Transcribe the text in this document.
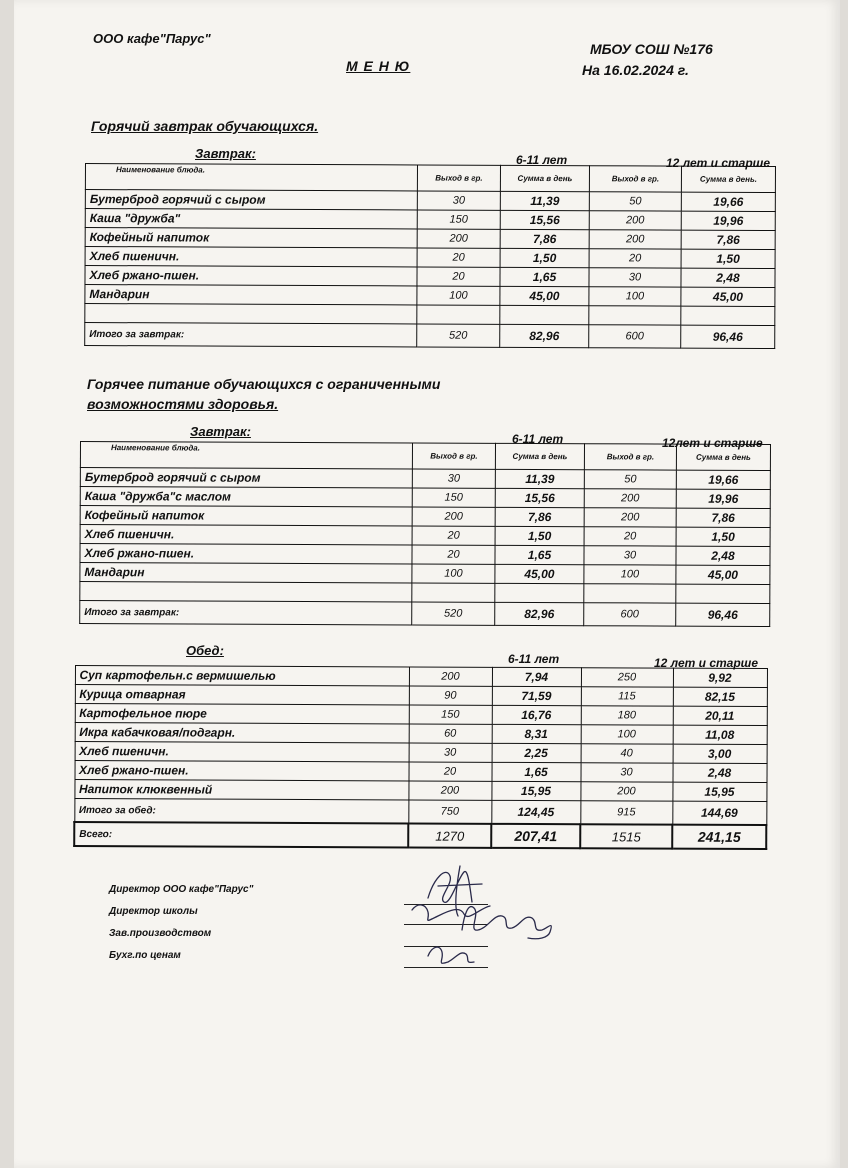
ООО кафе"Парус"
М Е Н Ю
МБОУ СОШ №176
На 16.02.2024 г.
Горячий завтрак обучающихся.
Завтрак:	6-11 лет	12 лет и старше
Наименование блюда.	Выход в гр.	Сумма в день	Выход в гр.	Сумма в день.
Бутерброд горячий с сыром	30	11,39	50	19,66
Каша "дружба"	150	15,56	200	19,96
Кофейный напиток	200	7,86	200	7,86
Хлеб пшеничн.	20	1,50	20	1,50
Хлеб ржано-пшен.	20	1,65	30	2,48
Мандарин	100	45,00	100	45,00

Итого за завтрак:	520	82,96	600	96,46
Горячее питание обучающихся с ограниченными
возможностями здоровья.
Завтрак:	6-11 лет	12лет и старше
Наименование блюда.	Выход в гр.	Сумма в день	Выход в гр.	Сумма в день
Бутерброд горячий с сыром	30	11,39	50	19,66
Каша "дружба"с маслом	150	15,56	200	19,96
Кофейный напиток	200	7,86	200	7,86
Хлеб пшеничн.	20	1,50	20	1,50
Хлеб ржано-пшен.	20	1,65	30	2,48
Мандарин	100	45,00	100	45,00

Итого за завтрак:	520	82,96	600	96,46
Обед:
6-11 лет	12 лет и старше
Суп картофельн.с вермишелью	200	7,94	250	9,92
Курица отварная	90	71,59	115	82,15
Картофельное пюре	150	16,76	180	20,11
Икра кабачковая/подгарн.	60	8,31	100	11,08
Хлеб пшеничн.	30	2,25	40	3,00
Хлеб ржано-пшен.	20	1,65	30	2,48
Напиток клюквенный	200	15,95	200	15,95
Итого за обед:	750	124,45	915	144,69
Всего:	1270	207,41	1515	241,15
Директор ООО кафе"Парус"
Директор школы
Зав.производством
Бухг.по ценам
